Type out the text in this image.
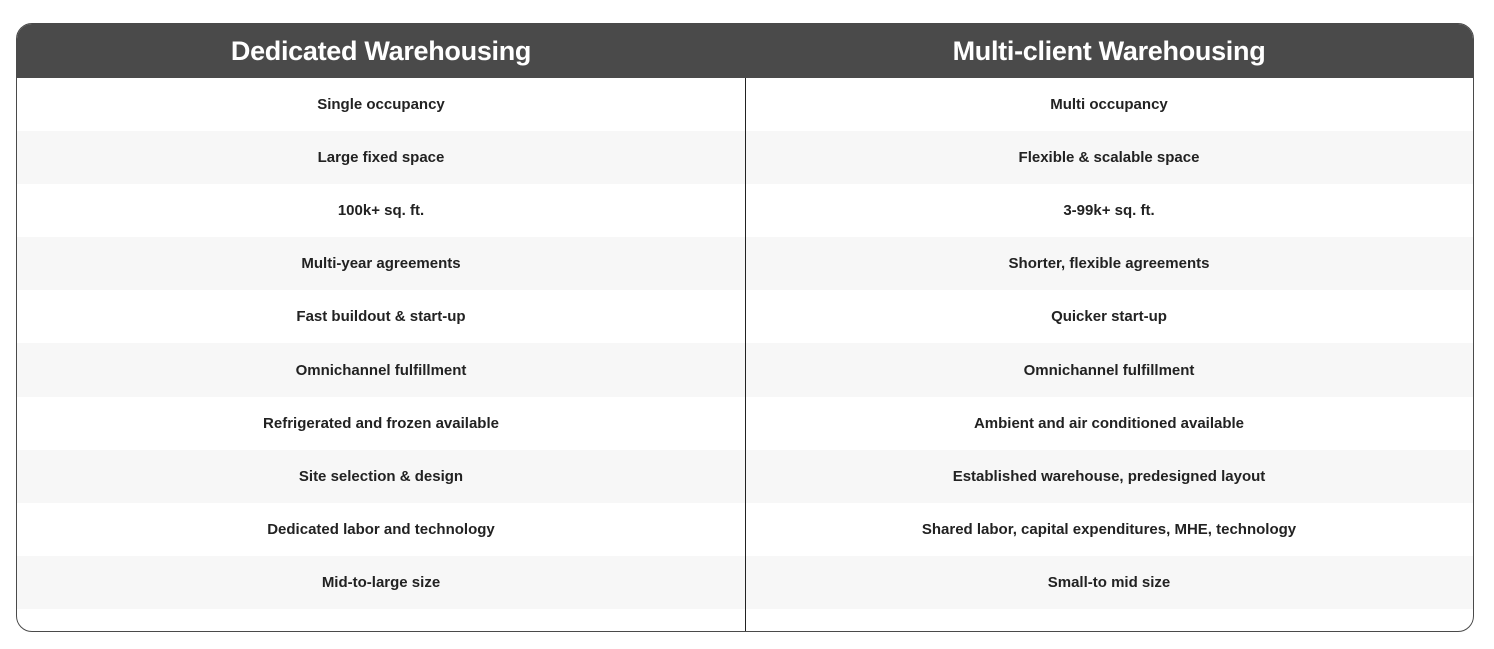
Dedicated Warehousing	Multi-client Warehousing
Single occupancy	Multi occupancy
Large fixed space	Flexible & scalable space
100k+ sq. ft.	3-99k+ sq. ft.
Multi-year agreements	Shorter, flexible agreements
Fast buildout & start-up	Quicker start-up
Omnichannel fulfillment	Omnichannel fulfillment
Refrigerated and frozen available	Ambient and air conditioned available
Site selection & design	Established warehouse, predesigned layout
Dedicated labor and technology	Shared labor, capital expenditures, MHE, technology
Mid-to-large size	Small-to mid size
